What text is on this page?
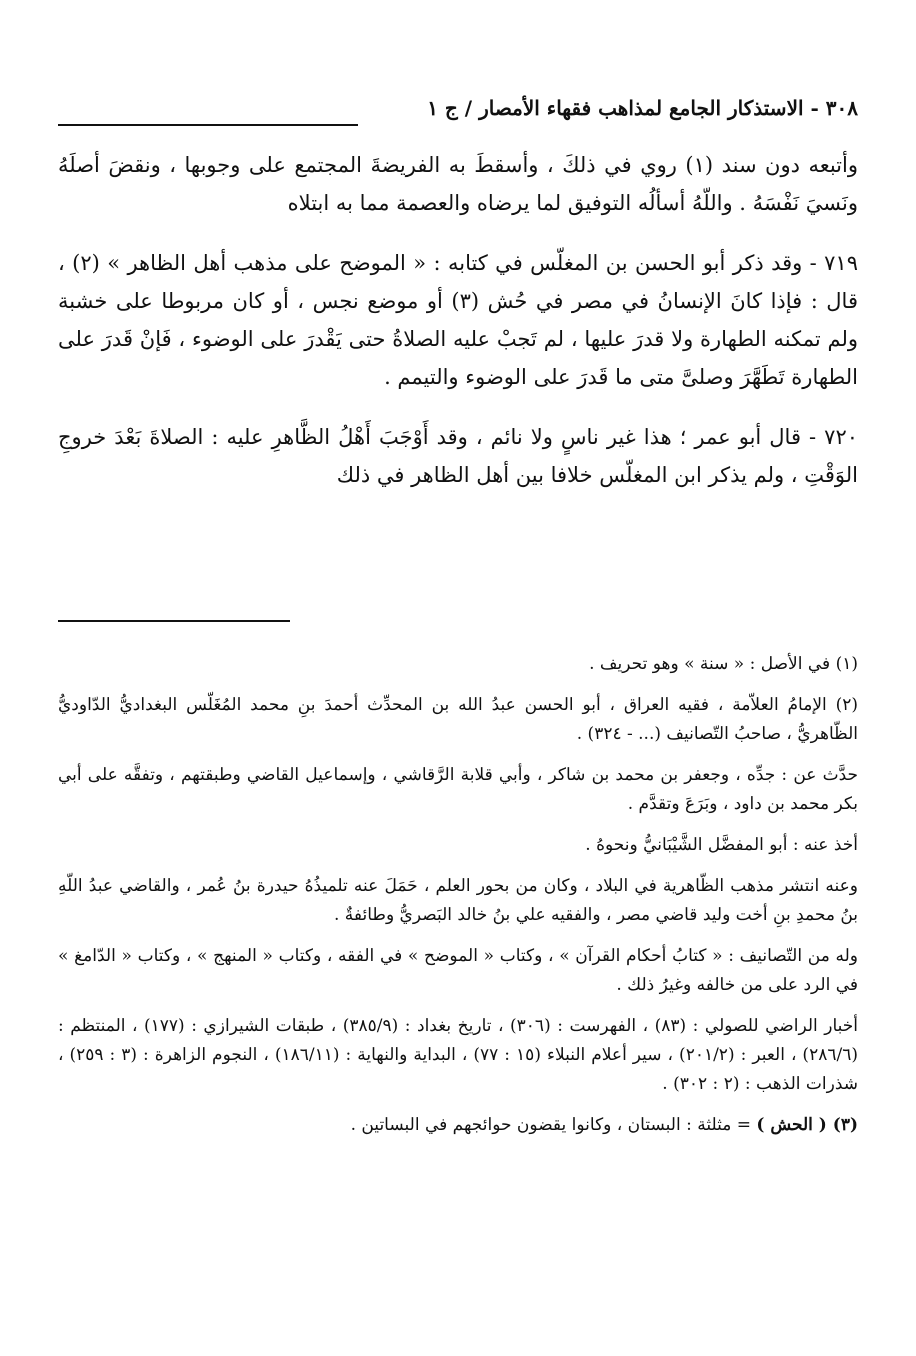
٣٠٨ - الاستذكار الجامع لمذاهب فقهاء الأمصار / ج ١

وأتبعه دون سند (١) روي في ذلكَ ، وأسقطَ به الفريضةَ المجتمع على وجوبها ، ونقضَ أصلَهُ ونَسيَ نَفْسَهُ . واللّهُ أسألُه التوفيق لما يرضاه والعصمة مما به ابتلاه

٧١٩ - وقد ذكر أبو الحسن بن المغلّس في كتابه : « الموضح على مذهب أهل الظاهر » (٢) ، قال : فإذا كانَ الإنسانُ في مصر في حُش (٣) أو موضع نجس ، أو كان مربوطا على خشبة ولم تمكنه الطهارة ولا قدرَ عليها ، لم تَجبْ عليه الصلاةُ حتى يَقْدرَ على الوضوء ، فَإنْ قَدرَ على الطهارة تَطَهَّرَ وصلىَّ متى ما قَدرَ على الوضوء والتيمم .

٧٢٠ - قال أبو عمر ؛ هذا غير ناسٍ ولا نائم ، وقد أَوْجَبَ أَهْلُ الظَّاهرِ عليه : الصلاةَ بَعْدَ خروجِ الوَقْتِ ، ولم يذكر ابن المغلّس خلافا بين أهل الظاهر في ذلك

(١) في الأصل : « سنة » وهو تحريف .

(٢) الإمامُ العلاّمة ، فقيه العراق ، أبو الحسن عبدُ الله بن المحدِّث أحمدَ بنِ محمد المُغَلّس البغداديُّ الدّاوديُّ الظّاهريُّ ، صاحبُ التّصانيف (... - ٣٢٤) .

حدَّث عن : جدِّه ، وجعفر بن محمد بن شاكر ، وأبي قلابة الرَّقاشي ، وإسماعيل القاضي وطبقتهم ، وتفقَّه على أبي بكر محمد بن داود ، وبَرَعَ وتقدَّم .

أخذ عنه : أبو المفضَّل الشَّيْبَانيُّ ونحوهُ .

وعنه انتشر مذهب الظّاهرية في البلاد ، وكان من بحور العلم ، حَمَلَ عنه تلميذُهُ حيدرة بنُ عُمر ، والقاضي عبدُ اللّهِ بنُ محمدِ بنِ أخت وليد قاضي مصر ، والفقيه علي بنُ خالد البَصريُّ وطائفةٌ .

وله من التّصانيف : « كتابُ أحكام القرآن » ، وكتاب « الموضح » في الفقه ، وكتاب « المنهج » ، وكتاب « الدّامغ » في الرد على من خالفه وغيرُ ذلك .

أخبار الراضي للصولي : (٨٣) ، الفهرست : (٣٠٦) ، تاريخ بغداد : (٣٨٥/٩) ، طبقات الشيرازي : (١٧٧) ، المنتظم : (٢٨٦/٦) ، العبر : (٢٠١/٢) ، سير أعلام النبلاء (١٥ : ٧٧) ، البداية والنهاية : (١٨٦/١١) ، النجوم الزاهرة : (٣ : ٢٥٩) ، شذرات الذهب : (٢ : ٣٠٢) .

(٣) ( الحش ) = مثلثة : البستان ، وكانوا يقضون حوائجهم في البساتين .
